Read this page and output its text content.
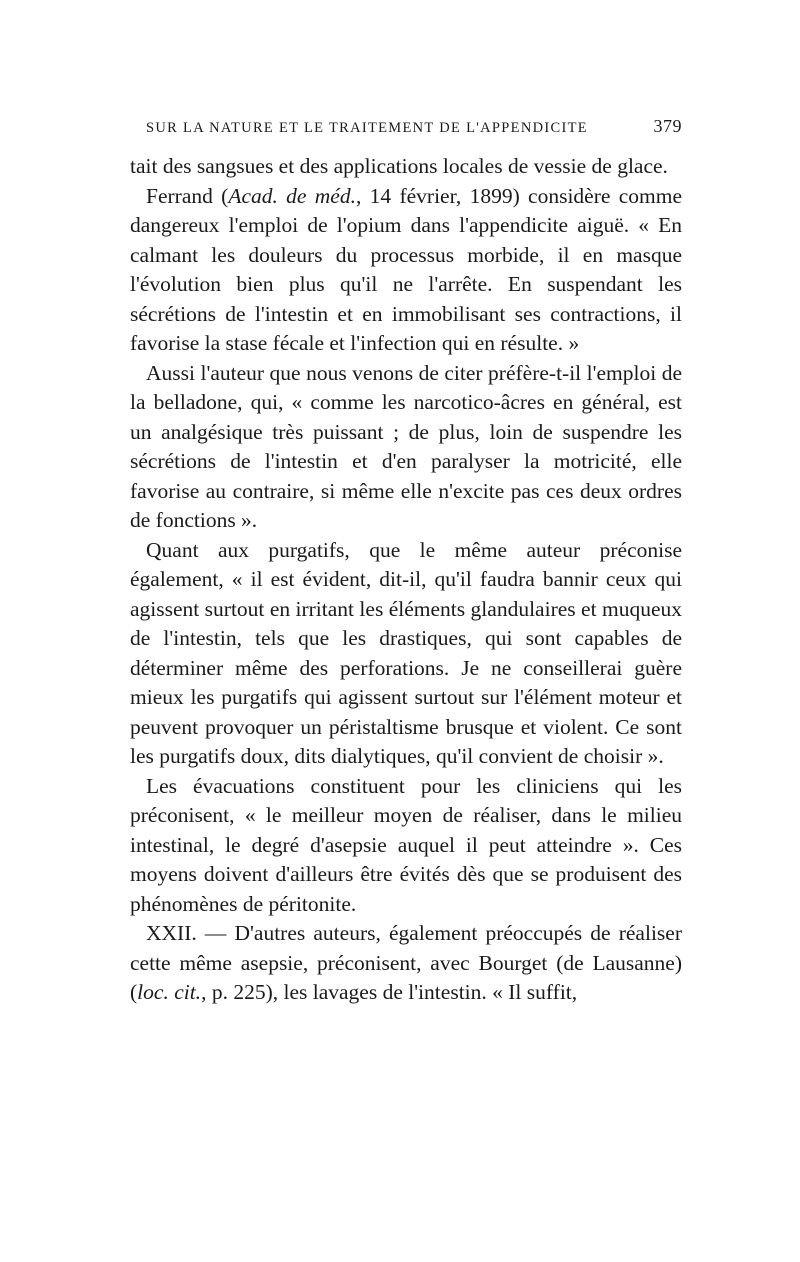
SUR LA NATURE ET LE TRAITEMENT DE L'APPENDICITE	379

tait des sangsues et des applications locales de vessie de glace.

Ferrand (Acad. de méd., 14 février, 1899) considère comme dangereux l'emploi de l'opium dans l'appendicite aiguë. « En calmant les douleurs du processus morbide, il en masque l'évolution bien plus qu'il ne l'arrête. En suspendant les sécrétions de l'intestin et en immobilisant ses contractions, il favorise la stase fécale et l'infection qui en résulte. »

Aussi l'auteur que nous venons de citer préfère-t-il l'emploi de la belladone, qui, « comme les narcotico-âcres en général, est un analgésique très puissant ; de plus, loin de suspendre les sécrétions de l'intestin et d'en paralyser la motricité, elle favorise au contraire, si même elle n'excite pas ces deux ordres de fonctions ».

Quant aux purgatifs, que le même auteur préconise également, « il est évident, dit-il, qu'il faudra bannir ceux qui agissent surtout en irritant les éléments glandulaires et muqueux de l'intestin, tels que les drastiques, qui sont capables de déterminer même des perforations. Je ne conseillerai guère mieux les purgatifs qui agissent surtout sur l'élément moteur et peuvent provoquer un péristaltisme brusque et violent. Ce sont les purgatifs doux, dits dialytiques, qu'il convient de choisir ».

Les évacuations constituent pour les cliniciens qui les préconisent, « le meilleur moyen de réaliser, dans le milieu intestinal, le degré d'asepsie auquel il peut atteindre ». Ces moyens doivent d'ailleurs être évités dès que se produisent des phénomènes de péritonite.

XXII. — D'autres auteurs, également préoccupés de réaliser cette même asepsie, préconisent, avec Bourget (de Lausanne) (loc. cit., p. 225), les lavages de l'intestin. « Il suffit,
